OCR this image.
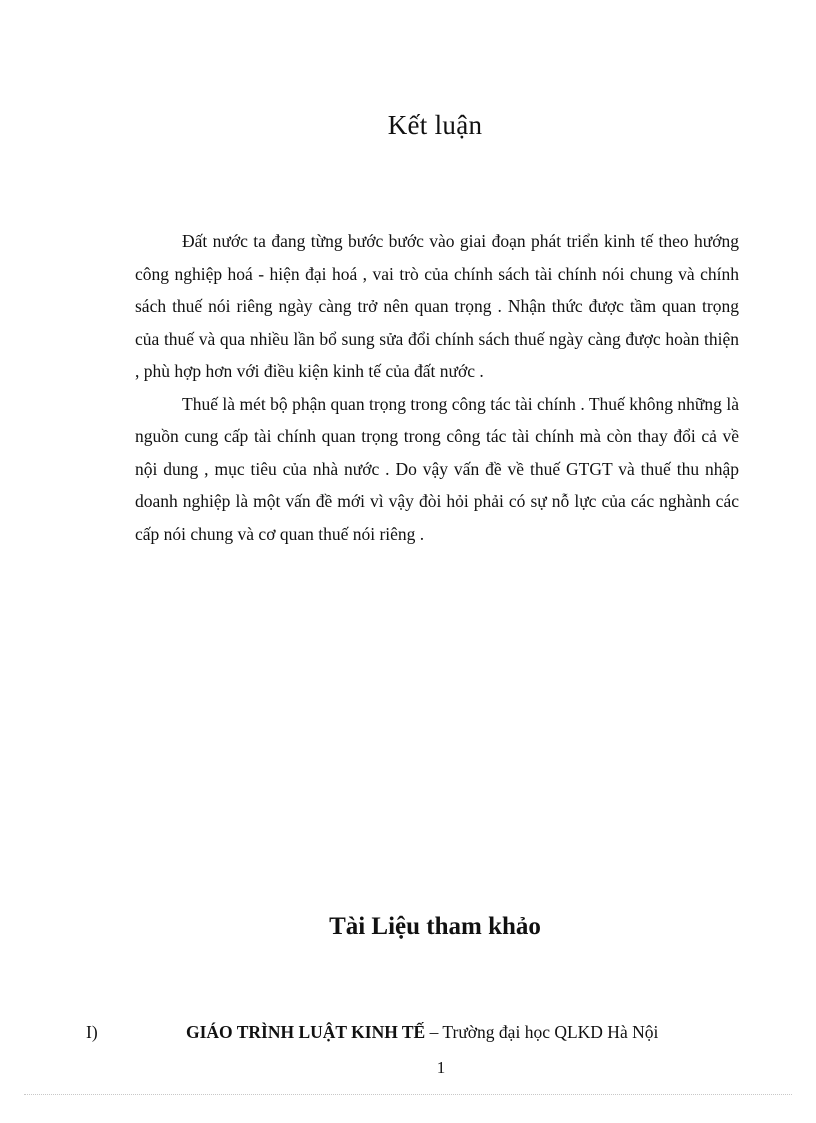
Kết luận

Đất nước ta đang từng bước bước vào giai đoạn phát triển kinh tế theo hướng công nghiệp hoá - hiện đại hoá , vai trò của chính sách tài chính nói chung và chính sách thuế nói riêng ngày càng trở nên quan trọng . Nhận thức được tầm quan trọng của thuế và qua nhiều lần bổ sung sửa đổi chính sách thuế ngày càng được hoàn thiện , phù hợp hơn với điều kiện kinh tế của đất nước .

Thuế là mét bộ phận quan trọng trong công tác tài chính . Thuế không những là nguồn cung cấp tài chính quan trọng trong công tác tài chính mà còn thay đổi cả về nội dung , mục tiêu của nhà nước . Do vậy vấn đề về thuế GTGT và thuế thu nhập doanh nghiệp là một vấn đề mới vì vậy đòi hỏi phải có sự nỗ lực của các nghành các cấp nói chung và cơ quan thuế nói riêng .

Tài Liệu tham khảo
I)	GIÁO TRÌNH LUẬT KINH TẾ – Trường đại học QLKD Hà Nội
1
